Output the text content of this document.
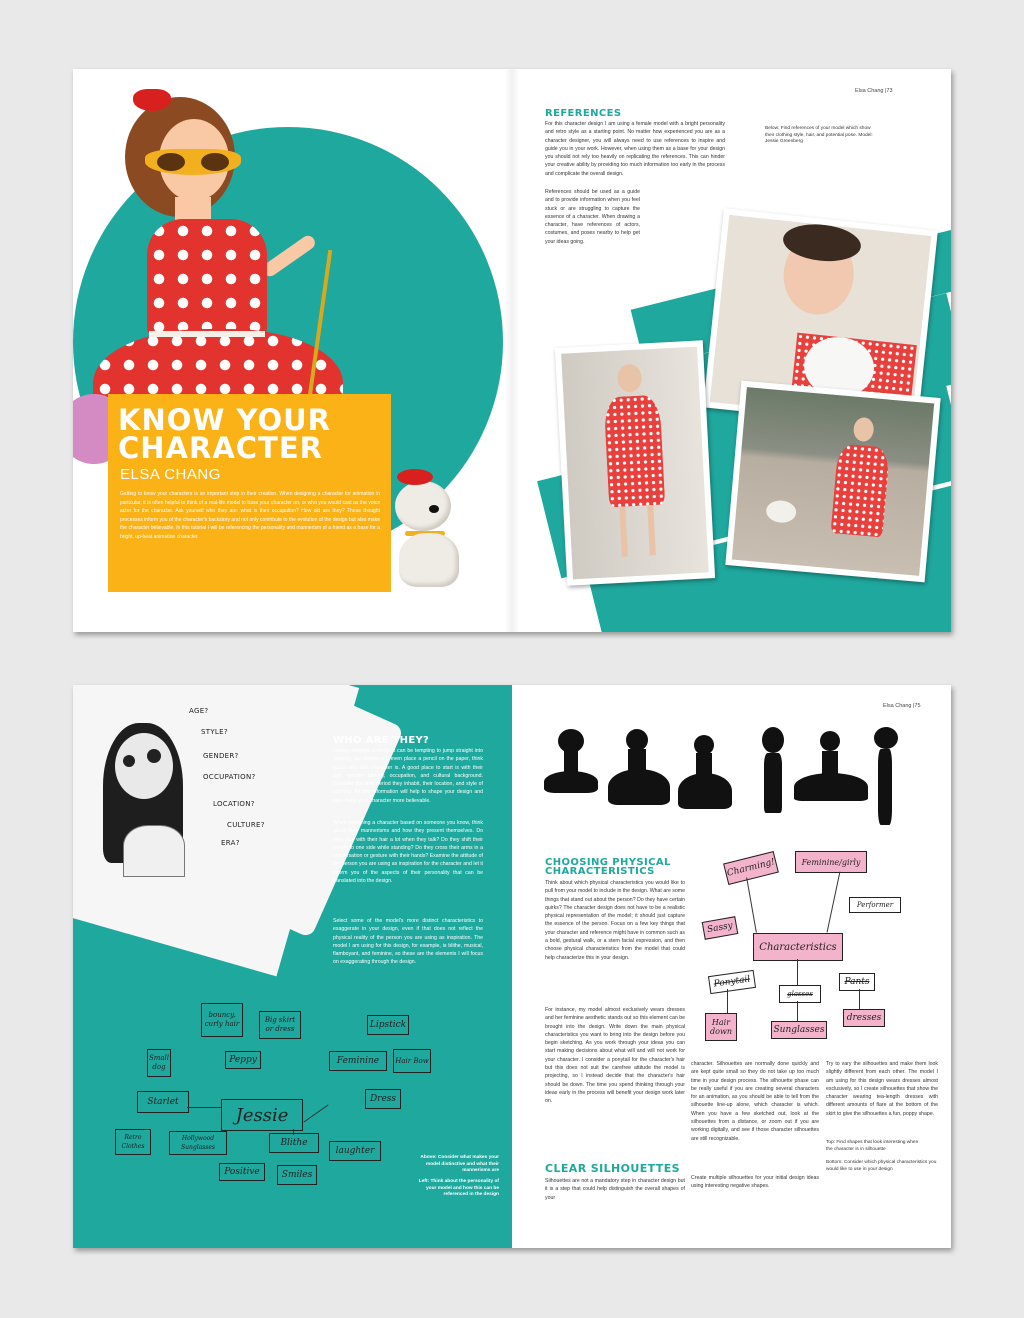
KNOW YOUR
CHARACTER
ELSA CHANG
Getting to know your characters is an important step in their creation. When designing a character for animation in particular, it is often helpful to think of a real-life model to base your character on, or who you would cast as the voice actor for the character. Ask yourself who they are: what is their occupation? How old are they? These thought processes inform you of the character's backstory and not only contribute to the evolution of the design but also make the character believable. In this tutorial I will be referencing the personality and mannerism of a friend as a base for a bright, up-beat animation character.
Elsa Chang |73
REFERENCES
For this character design I am using a female model with a bright personality and retro style as a starting point. No matter how experienced you are as a character designer, you will always need to use references to inspire and guide you in your work. However, when using them as a base for your design you should not rely too heavily on replicating the references. This can hinder your creative ability by providing too much information too early in the process and complicate the overall design.
References should be used as a guide and to provide information when you feel stuck or are struggling to capture the essence of a character. When drawing a character, have references of actors, costumes, and poses nearby to help get your ideas going.
Below: Find references of your model which show their clothing style, hair, and potential pose. Model: Jessie Greenberg
AGE?
STYLE?
GENDER?
OCCUPATION?
LOCATION?
CULTURE?
ERA?
WHO ARE THEY?
Having selected a model it can be tempting to jump straight into drawing, but before you even place a pencil on the paper, think about who this character is. A good place to start is with their age, gender identity, occupation, and cultural background. Consider the time period they inhabit, their location, and style of clothing. All this information will help to shape your design and also make your character more believable.
When designing a character based on someone you know, think about their mannerisms and how they present themselves. Do they play with their hair a lot when they talk? Do they shift their weight to one side while standing? Do they cross their arms in a conversation or gesture with their hands? Examine the attitude of the person you are using as inspiration for the character and let it inform you of the aspects of their personality that can be translated into the design.
Select some of the model's more distinct characteristics to exaggerate in your design, even if that does not reflect the physical reality of the person you are using as inspiration. The model I am using for this design, for example, is blithe, musical, flamboyant, and feminine, so these are the elements I will focus on exaggerating through the design.
Jessie
bouncy, curly hair	Big skirt or dress
Peppy
Small dog
Starlet
Retro Clothes
Hollywood Sunglasses	Blithe
Positive	Smiles
laughter
Feminine
Lipstick
Hair Bow
Dress
Above: Consider what makes your model distinctive and what their mannerisms are
Left: Think about the personality of your model and how this can be referenced in the design
Elsa Chang |75
CHOOSING PHYSICAL
CHARACTERISTICS
Think about which physical characteristics you would like to pull from your model to include in the design. What are some things that stand out about the person? Do they have certain quirks? The character design does not have to be a realistic physical representation of the model; it should just capture the essence of the person. Focus on a few key things that your character and reference might have in common such as a bold, gestural walk, or a stern facial expression, and then choose physical characteristics from the model that could help characterize this in your design.
For instance, my model almost exclusively wears dresses and her feminine aesthetic stands out so this element can be brought into the design. Write down the main physical characteristics you want to bring into the design before you begin sketching. As you work through your ideas you can start making decisions about what will and will not work for your character. I consider a ponytail for the character's hair but this does not suit the carefree attitude the model is projecting, so I instead decide that the character's hair should be down. The time you spend thinking through your ideas early in the process will benefit your design work later on.
CLEAR SILHOUETTES
Silhouettes are not a mandatory step in character design but it is a step that could help distinguish the overall shapes of your
character. Silhouettes are normally done quickly and are kept quite small so they do not take up too much time in your design process. The silhouette phase can be really useful if you are creating several characters for an animation, as you should be able to tell from the silhouette line-up alone, which character is which. When you have a few sketched out, look at the silhouettes from a distance, or zoom out if you are working digitally, and see if those character silhouettes are still recognizable.
Create multiple silhouettes for your initial design ideas using interesting negative shapes.
Try to vary the silhouettes and make them look slightly different from each other. The model I am using for this design wears dresses almost exclusively, so I create silhouettes that show the character wearing tea-length dresses with different amounts of flare at the bottom of the skirt to give the silhouettes a fun, poppy shape.
Top: Find shapes that look interesting when the character is in silhouette
Bottom: Consider which physical characteristics you would like to use in your design
Characteristics
Charming!	Feminine/girly
Performer
Sassy
Ponytail
glasses
Pants
Hair down	Sunglasses
dresses
